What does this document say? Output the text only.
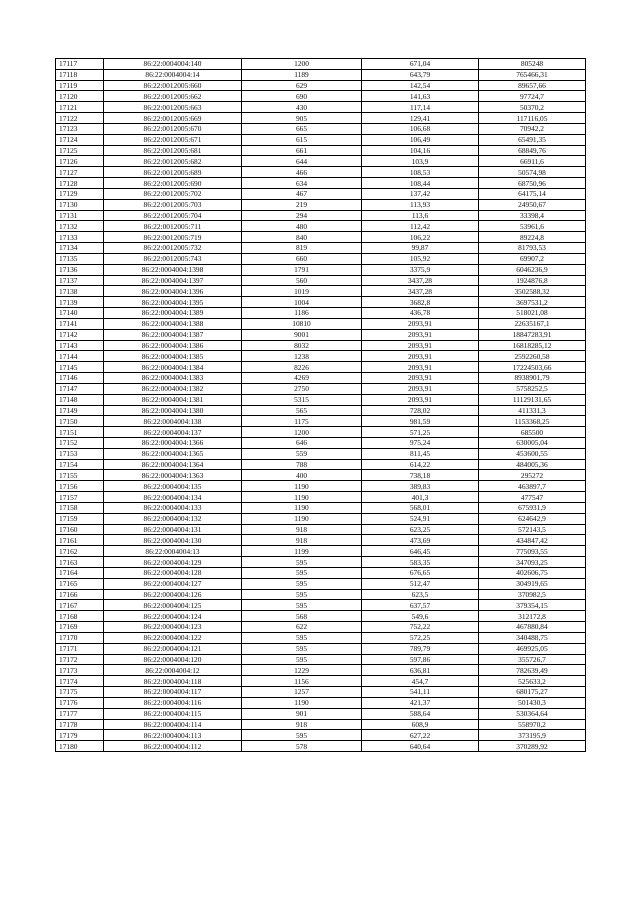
17117	86:22:0004004:140	1200	671,04	805248
17118	86:22:0004004:14	1189	643,79	765466,31
17119	86:22:0012005:660	629	142,54	89657,66
17120	86:22:0012005:662	690	141,63	97724,7
17121	86:22:0012005:663	430	117,14	50370,2
17122	86:22:0012005:669	905	129,41	117116,05
17123	86:22:0012005:670	665	106,68	70942,2
17124	86:22:0012005:671	615	106,49	65491,35
17125	86:22:0012005:681	661	104,16	68849,76
17126	86:22:0012005:682	644	103,9	66911,6
17127	86:22:0012005:689	466	108,53	50574,98
17128	86:22:0012005:690	634	108,44	68750,96
17129	86:22:0012005:702	467	137,42	64175,14
17130	86:22:0012005:703	219	113,93	24950,67
17131	86:22:0012005:704	294	113,6	33398,4
17132	86:22:0012005:711	480	112,42	53961,6
17133	86:22:0012005:719	840	106,22	89224,8
17134	86:22:0012005:732	819	99,87	81793,53
17135	86:22:0012005:743	660	105,92	69907,2
17136	86:22:0004004:1398	1791	3375,9	6046236,9
17137	86:22:0004004:1397	560	3437,28	1924876,8
17138	86:22:0004004:1396	1019	3437,28	3502588,32
17139	86:22:0004004:1395	1004	3682,8	3697531,2
17140	86:22:0004004:1389	1186	436,78	518021,08
17141	86:22:0004004:1388	10810	2093,91	22635167,1
17142	86:22:0004004:1387	9001	2093,91	18847283,91
17143	86:22:0004004:1386	8032	2093,91	16818285,12
17144	86:22:0004004:1385	1238	2093,91	2592260,58
17145	86:22:0004004:1384	8226	2093,91	17224503,66
17146	86:22:0004004:1383	4269	2093,91	8938901,79
17147	86:22:0004004:1382	2750	2093,91	5758252,5
17148	86:22:0004004:1381	5315	2093,91	11129131,65
17149	86:22:0004004:1380	565	728,02	411331,3
17150	86:22:0004004:138	1175	981,59	1153368,25
17151	86:22:0004004:137	1200	571,25	685500
17152	86:22:0004004:1366	646	975,24	630005,04
17153	86:22:0004004:1365	559	811,45	453600,55
17154	86:22:0004004:1364	788	614,22	484005,36
17155	86:22:0004004:1363	400	738,18	295272
17156	86:22:0004004:135	1190	389,83	463897,7
17157	86:22:0004004:134	1190	401,3	477547
17158	86:22:0004004:133	1190	568,01	675931,9
17159	86:22:0004004:132	1190	524,91	624642,9
17160	86:22:0004004:131	918	623,25	572143,5
17161	86:22:0004004:130	918	473,69	434847,42
17162	86:22:0004004:13	1199	646,45	775093,55
17163	86:22:0004004:129	595	583,35	347093,25
17164	86:22:0004004:128	595	676,65	402606,75
17165	86:22:0004004:127	595	512,47	304919,65
17166	86:22:0004004:126	595	623,5	370982,5
17167	86:22:0004004:125	595	637,57	379354,15
17168	86:22:0004004:124	568	549,6	312172,8
17169	86:22:0004004:123	622	752,22	467880,84
17170	86:22:0004004:122	595	572,25	340488,75
17171	86:22:0004004:121	595	789,79	469925,05
17172	86:22:0004004:120	595	597,86	355726,7
17173	86:22:0004004:12	1229	636,81	782639,49
17174	86:22:0004004:118	1156	454,7	525633,2
17175	86:22:0004004:117	1257	541,11	680175,27
17176	86:22:0004004:116	1190	421,37	501430,3
17177	86:22:0004004:115	901	588,64	530364,64
17178	86:22:0004004:114	918	608,9	558970,2
17179	86:22:0004004:113	595	627,22	373195,9
17180	86:22:0004004:112	578	640,64	370289,92
